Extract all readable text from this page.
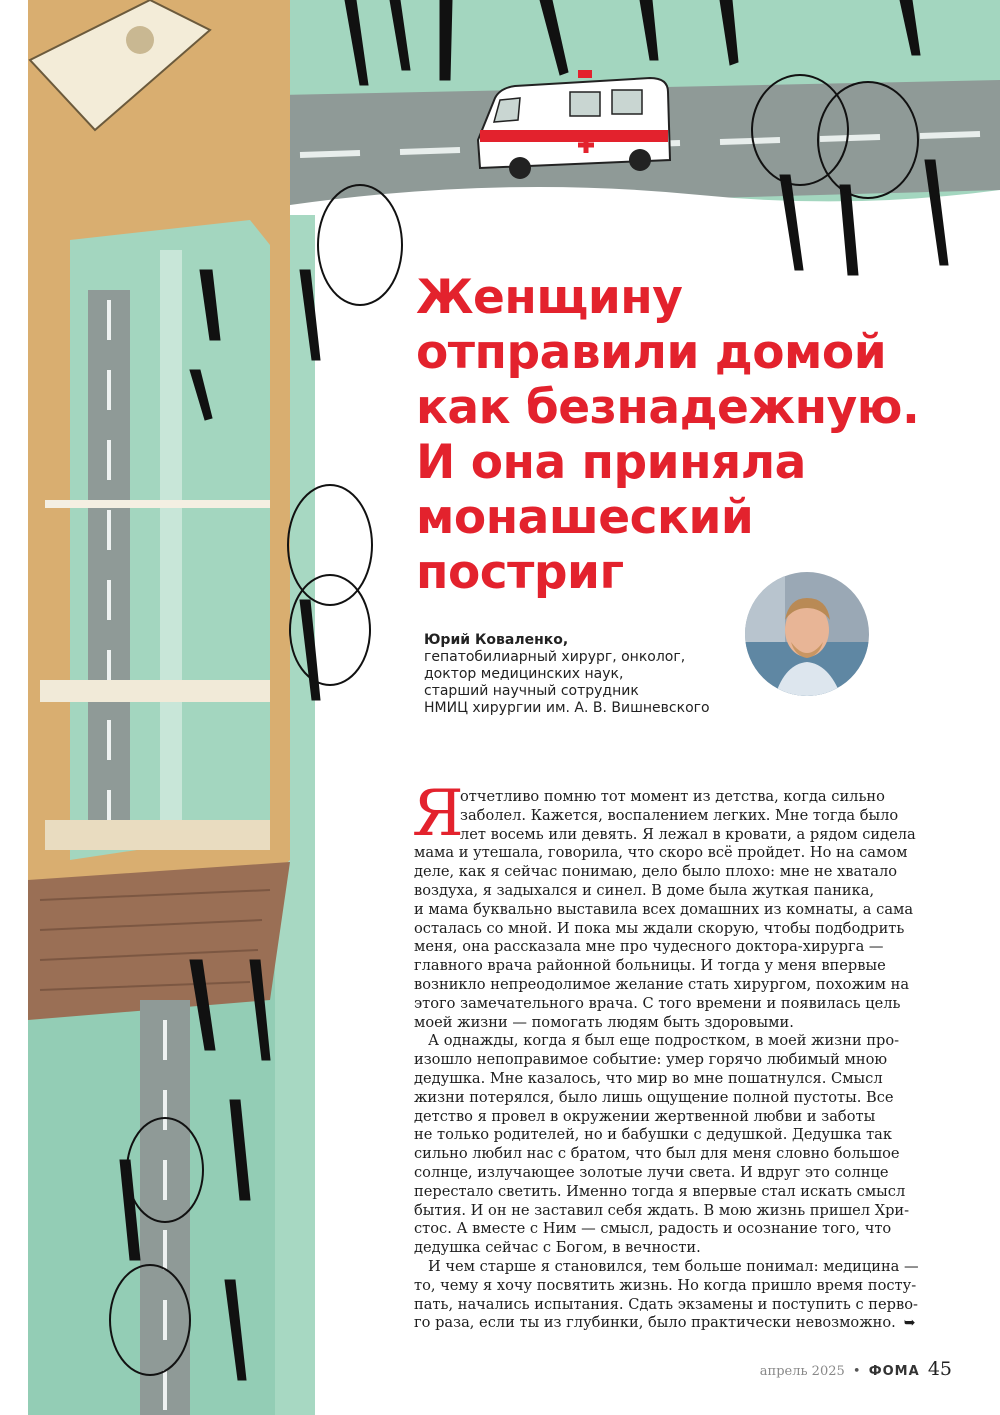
Женщину
отправили домой
как безнадежную.
И она приняла
монашеский
постриг
Юрий Коваленко,
гепатобилиарный хирург, онколог,
доктор медицинских наук,
старший научный сотрудник
НМИЦ хирургии им. А. В. Вишневского
Я
отчетливо помню тот момент из детства, когда сильно
заболел. Кажется, воспалением легких. Мне тогда было
лет восемь или девять. Я лежал в кровати, а рядом сидела
мама и утешала, говорила, что скоро всё пройдет. Но на самом
деле, как я сейчас понимаю, дело было плохо: мне не хватало
воздуха, я задыхался и синел. В доме была жуткая паника,
и мама буквально выставила всех домашних из комнаты, а сама
осталась со мной. И пока мы ждали скорую, чтобы подбодрить
меня, она рассказала мне про чудесного доктора-хирурга —
главного врача районной больницы. И тогда у меня впервые
возникло непреодолимое желание стать хирургом, похожим на
этого замечательного врача. С того времени и появилась цель
моей жизни — помогать людям быть здоровыми.
А однажды, когда я был еще подростком, в моей жизни про-
изошло непоправимое событие: умер горячо любимый мною
дедушка. Мне казалось, что мир во мне пошатнулся. Смысл
жизни потерялся, было лишь ощущение полной пустоты. Все
детство я провел в окружении жертвенной любви и заботы
не только родителей, но и бабушки с дедушкой. Дедушка так
сильно любил нас с братом, что был для меня словно большое
солнце, излучающее золотые лучи света. И вдруг это солнце
перестало светить. Именно тогда я впервые стал искать смысл
бытия. И он не заставил себя ждать. В мою жизнь пришел Хри-
стос. А вместе с Ним — смысл, радость и осознание того, что
дедушка сейчас с Богом, в вечности.
И чем старше я становился, тем больше понимал: медицина —
то, чему я хочу посвятить жизнь. Но когда пришло время посту-
пать, начались испытания. Сдать экзамены и поступить с перво-
го раза, если ты из глубинки, было практически невозможно. ➥
апрель 2025 • ФОМА 45
